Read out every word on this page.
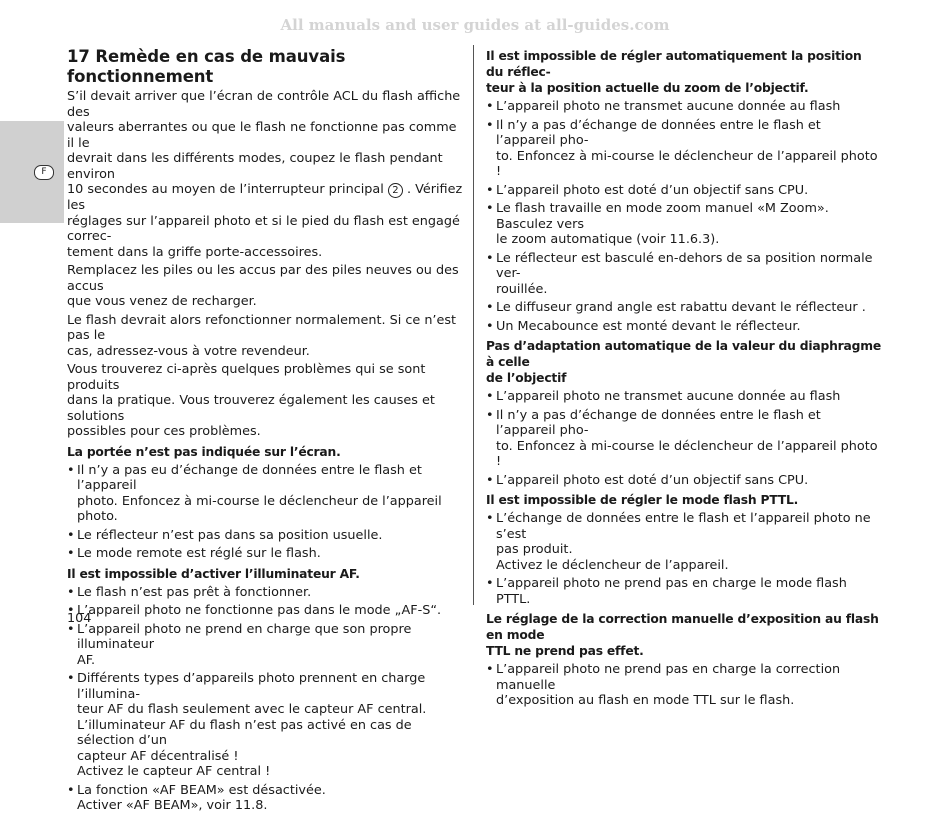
All manuals and user guides at all-guides.com
F
17 Remède en cas de mauvais fonctionnement
S’il devait arriver que l’écran de contrôle ACL du flash affiche des
valeurs aberrantes ou que le flash ne fonctionne pas comme il le
devrait dans les différents modes, coupez le flash pendant environ
10 secondes au moyen de l’interrupteur principal 2 . Vérifiez les
réglages sur l’appareil photo et si le pied du flash est engagé correc-
tement dans la griffe porte-accessoires.
Remplacez les piles ou les accus par des piles neuves ou des accus
que vous venez de recharger.
Le flash devrait alors refonctionner normalement. Si ce n’est pas le
cas, adressez-vous à votre revendeur.
Vous trouverez ci-après quelques problèmes qui se sont produits
dans la pratique. Vous trouverez également les causes et solutions
possibles pour ces problèmes.
La portée n’est pas indiquée sur l’écran.
• Il n’y a pas eu d’échange de données entre le flash et l’appareil
photo. Enfoncez à mi-course le déclencheur de l’appareil photo.
• Le réflecteur n’est pas dans sa position usuelle.
• Le mode remote est réglé sur le flash.
Il est impossible d’activer l’illuminateur AF.
• Le flash n’est pas prêt à fonctionner.
• L’appareil photo ne fonctionne pas dans le mode „AF-S“.
• L’appareil photo ne prend en charge que son propre illuminateur
AF.
• Différents types d’appareils photo prennent en charge l’illumina-
teur AF du flash seulement avec le capteur AF central.
L’illuminateur AF du flash n’est pas activé en cas de sélection d’un
capteur AF décentralisé !
Activez le capteur AF central !
• La fonction «AF BEAM» est désactivée.
Activer «AF BEAM», voir 11.8.
Il est impossible de régler automatiquement la position du réflec-
teur à la position actuelle du zoom de l’objectif.
• L’appareil photo ne transmet aucune donnée au flash
• Il n’y a pas d’échange de données entre le flash et l’appareil pho-
to. Enfoncez à mi-course le déclencheur de l’appareil photo !
• L’appareil photo est doté d’un objectif sans CPU.
• Le flash travaille en mode zoom manuel «M Zoom». Basculez vers
le zoom automatique (voir 11.6.3).
• Le réflecteur est basculé en-dehors de sa position normale ver-
rouillée.
• Le diffuseur grand angle est rabattu devant le réflecteur .
• Un Mecabounce est monté devant le réflecteur.
Pas d’adaptation automatique de la valeur du diaphragme à celle
de l’objectif
• L’appareil photo ne transmet aucune donnée au flash
• Il n’y a pas d’échange de données entre le flash et l’appareil pho-
to. Enfoncez à mi-course le déclencheur de l’appareil photo !
• L’appareil photo est doté d’un objectif sans CPU.
Il est impossible de régler le mode flash PTTL.
• L’échange de données entre le flash et l’appareil photo ne s’est
pas produit.
Activez le déclencheur de l’appareil.
• L’appareil photo ne prend pas en charge le mode flash PTTL.
Le réglage de la correction manuelle d’exposition au flash en mode
TTL ne prend pas effet.
• L’appareil photo ne prend pas en charge la correction manuelle
d’exposition au flash en mode TTL sur le flash.
104
